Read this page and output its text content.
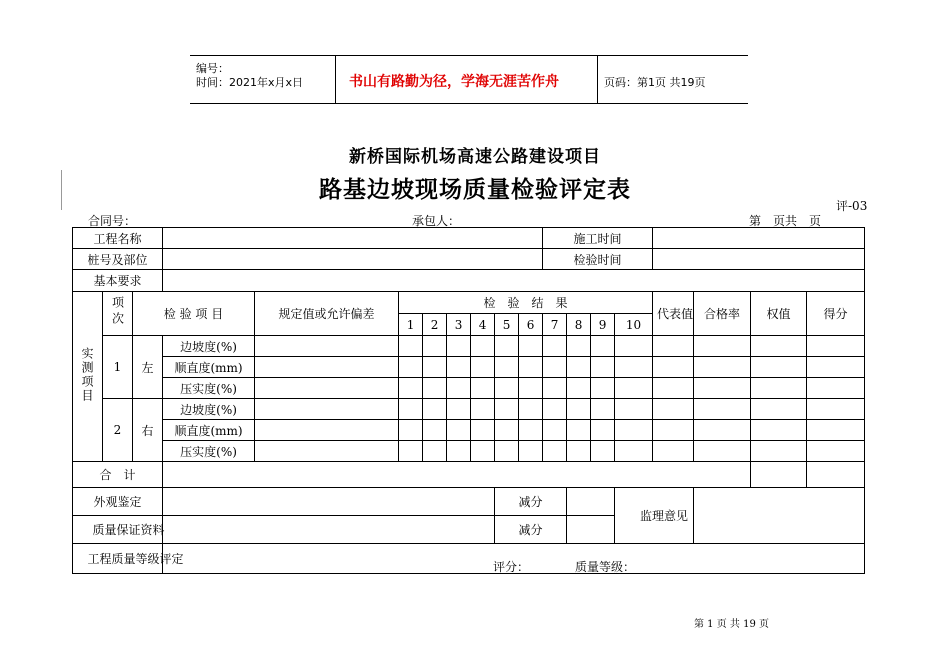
编号：
时间：2021年x月x日	书山有路勤为径，学海无涯苦作舟	页码：第1页 共19页
新桥国际机场高速公路建设项目
路基边坡现场质量检验评定表
评-03
合同号：	承包人：	第　页共　页
工程名称											施工时间							
桩号及部位											检验时间							
基本要求																		
实测项目	项次	检 验 项 目		规定值或允许偏差	检　验　结　果										代表值	合格率	权值	得分
					1	2	3	4	5	6	7	8	9	10				
	1	左	边坡度(%)															
			顺直度(mm)															
			压实度(%)															
	2	右	边坡度(%)															
			顺直度(mm)															
			压实度(%)															
合　计																		
外观鉴定									减分					监理意见				
质量保证资料									减分									
工程质量等级评定			评分： 质量等级：															
第 1 页 共 19 页
